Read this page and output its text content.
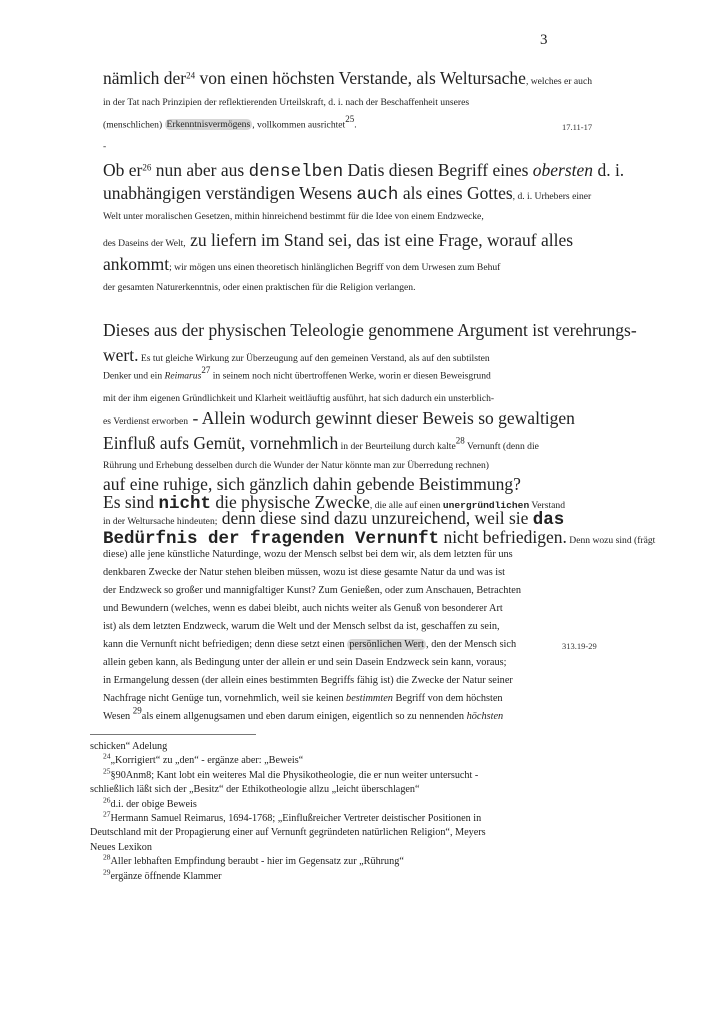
3
nämlich der$^{24}$ von einen höchsten Verstande, als Weltursache, welches er auch
in der Tat nach Prinzipien der reflektierenden Urteilskraft, d. i. nach der Beschaffenheit unseres
(menschlichen) Erkenntnisvermögens , vollkommen ausrichtet$^{25}$.	17.11-17
-
Ob $er^{26}$ nun aber aus denselben Datis diesen Begriff eines obersten d. i.
unabhängigen verständigen Wesens auch als eines Gottes, d. i. Urhebers einer
Welt unter moralischen Gesetzen, mithin hinreichend bestimmt für die Idee von einem Endzwecke,
des Daseins der Welt, zu liefern im Stand sei, das ist eine Frage, worauf alles
ankommt; wir mögen uns einen theoretisch hinlänglichen Begriff von dem Urwesen zum Behuf
der gesamten Naturerkenntnis, oder einen praktischen für die Religion verlangen.
Dieses aus der physischen Teleologie genommene Argument ist verehrungs-
wert. Es tut gleiche Wirkung zur Überzeugung auf den gemeinen Verstand, als auf den subtilsten
Denker und ein Reimarus$^{27}$ in seinem noch nicht übertroffenen Werke, worin er diesen Beweisgrund
mit der ihm eigenen Gründlichkeit und Klarheit weitläuftig ausführt, hat sich dadurch ein unsterblich-
es Verdienst erworben - Allein wodurch gewinnt dieser Beweis so gewaltigen
Einfluß aufs Gemüt, vornehmlich in der Beurteilung durch kalte$^{28}$ Vernunft (denn die
Rührung und Erhebung desselben durch die Wunder der Natur könnte man zur Überredung rechnen)
auf eine ruhige, sich gänzlich dahin gebende Beistimmung?
Es sind nicht die physische Zwecke, die alle auf einen unergründlichen Verstand
in der Weltursache hindeuten; denn diese sind dazu unzureichend, weil sie das
Bedürfnis der fragenden Vernunft nicht befriedigen. Denn wozu sind (frägt
diese) alle jene künstliche Naturdinge, wozu der Mensch selbst bei dem wir, als dem letzten für uns
denkbaren Zwecke der Natur stehen bleiben müssen, wozu ist diese gesamte Natur da und was ist
der Endzweck so großer und mannigfaltiger Kunst? Zum Genießen, oder zum Anschauen, Betrachten
und Bewundern (welches, wenn es dabei bleibt, auch nichts weiter als Genuß von besonderer Art
ist) als dem letzten Endzweck, warum die Welt und der Mensch selbst da ist, geschaffen zu sein,
kann die Vernunft nicht befriedigen; denn diese setzt einen persönlichen Wert , den der Mensch sich	313.19-29
allein geben kann, als Bedingung unter der allein er und sein Dasein Endzweck sein kann, voraus;
in Ermangelung dessen (der allein eines bestimmten Begriffs fähig ist) die Zwecke der Natur seiner
Nachfrage nicht Genüge tun, vornehmlich, weil sie keinen bestimmten Begriff von dem höchsten
Wesen $^{29}$als einem allgenugsamen und eben darum einigen, eigentlich so zu nennenden höchsten
schicken“ Adelung
$^{24}$„Korrigiert“ zu „den“ - ergänze aber: „Beweis“
$^{25}$§90Anm8; Kant lobt ein weiteres Mal die Physikotheologie, die er nun weiter untersucht -
schließlich läßt sich der „Besitz“ der Ethikotheologie allzu „leicht überschlagen“
$^{26}$d.i. der obige Beweis
$^{27}$Hermann Samuel Reimarus, 1694-1768; „Einflußreicher Vertreter deistischer Positionen in
Deutschland mit der Propagierung einer auf Vernunft gegründeten natürlichen Religion“, Meyers
Neues Lexikon
$^{28}$Aller lebhaften Empfindung beraubt - hier im Gegensatz zur „Rührung“
$^{29}$ergänze öffnende Klammer
